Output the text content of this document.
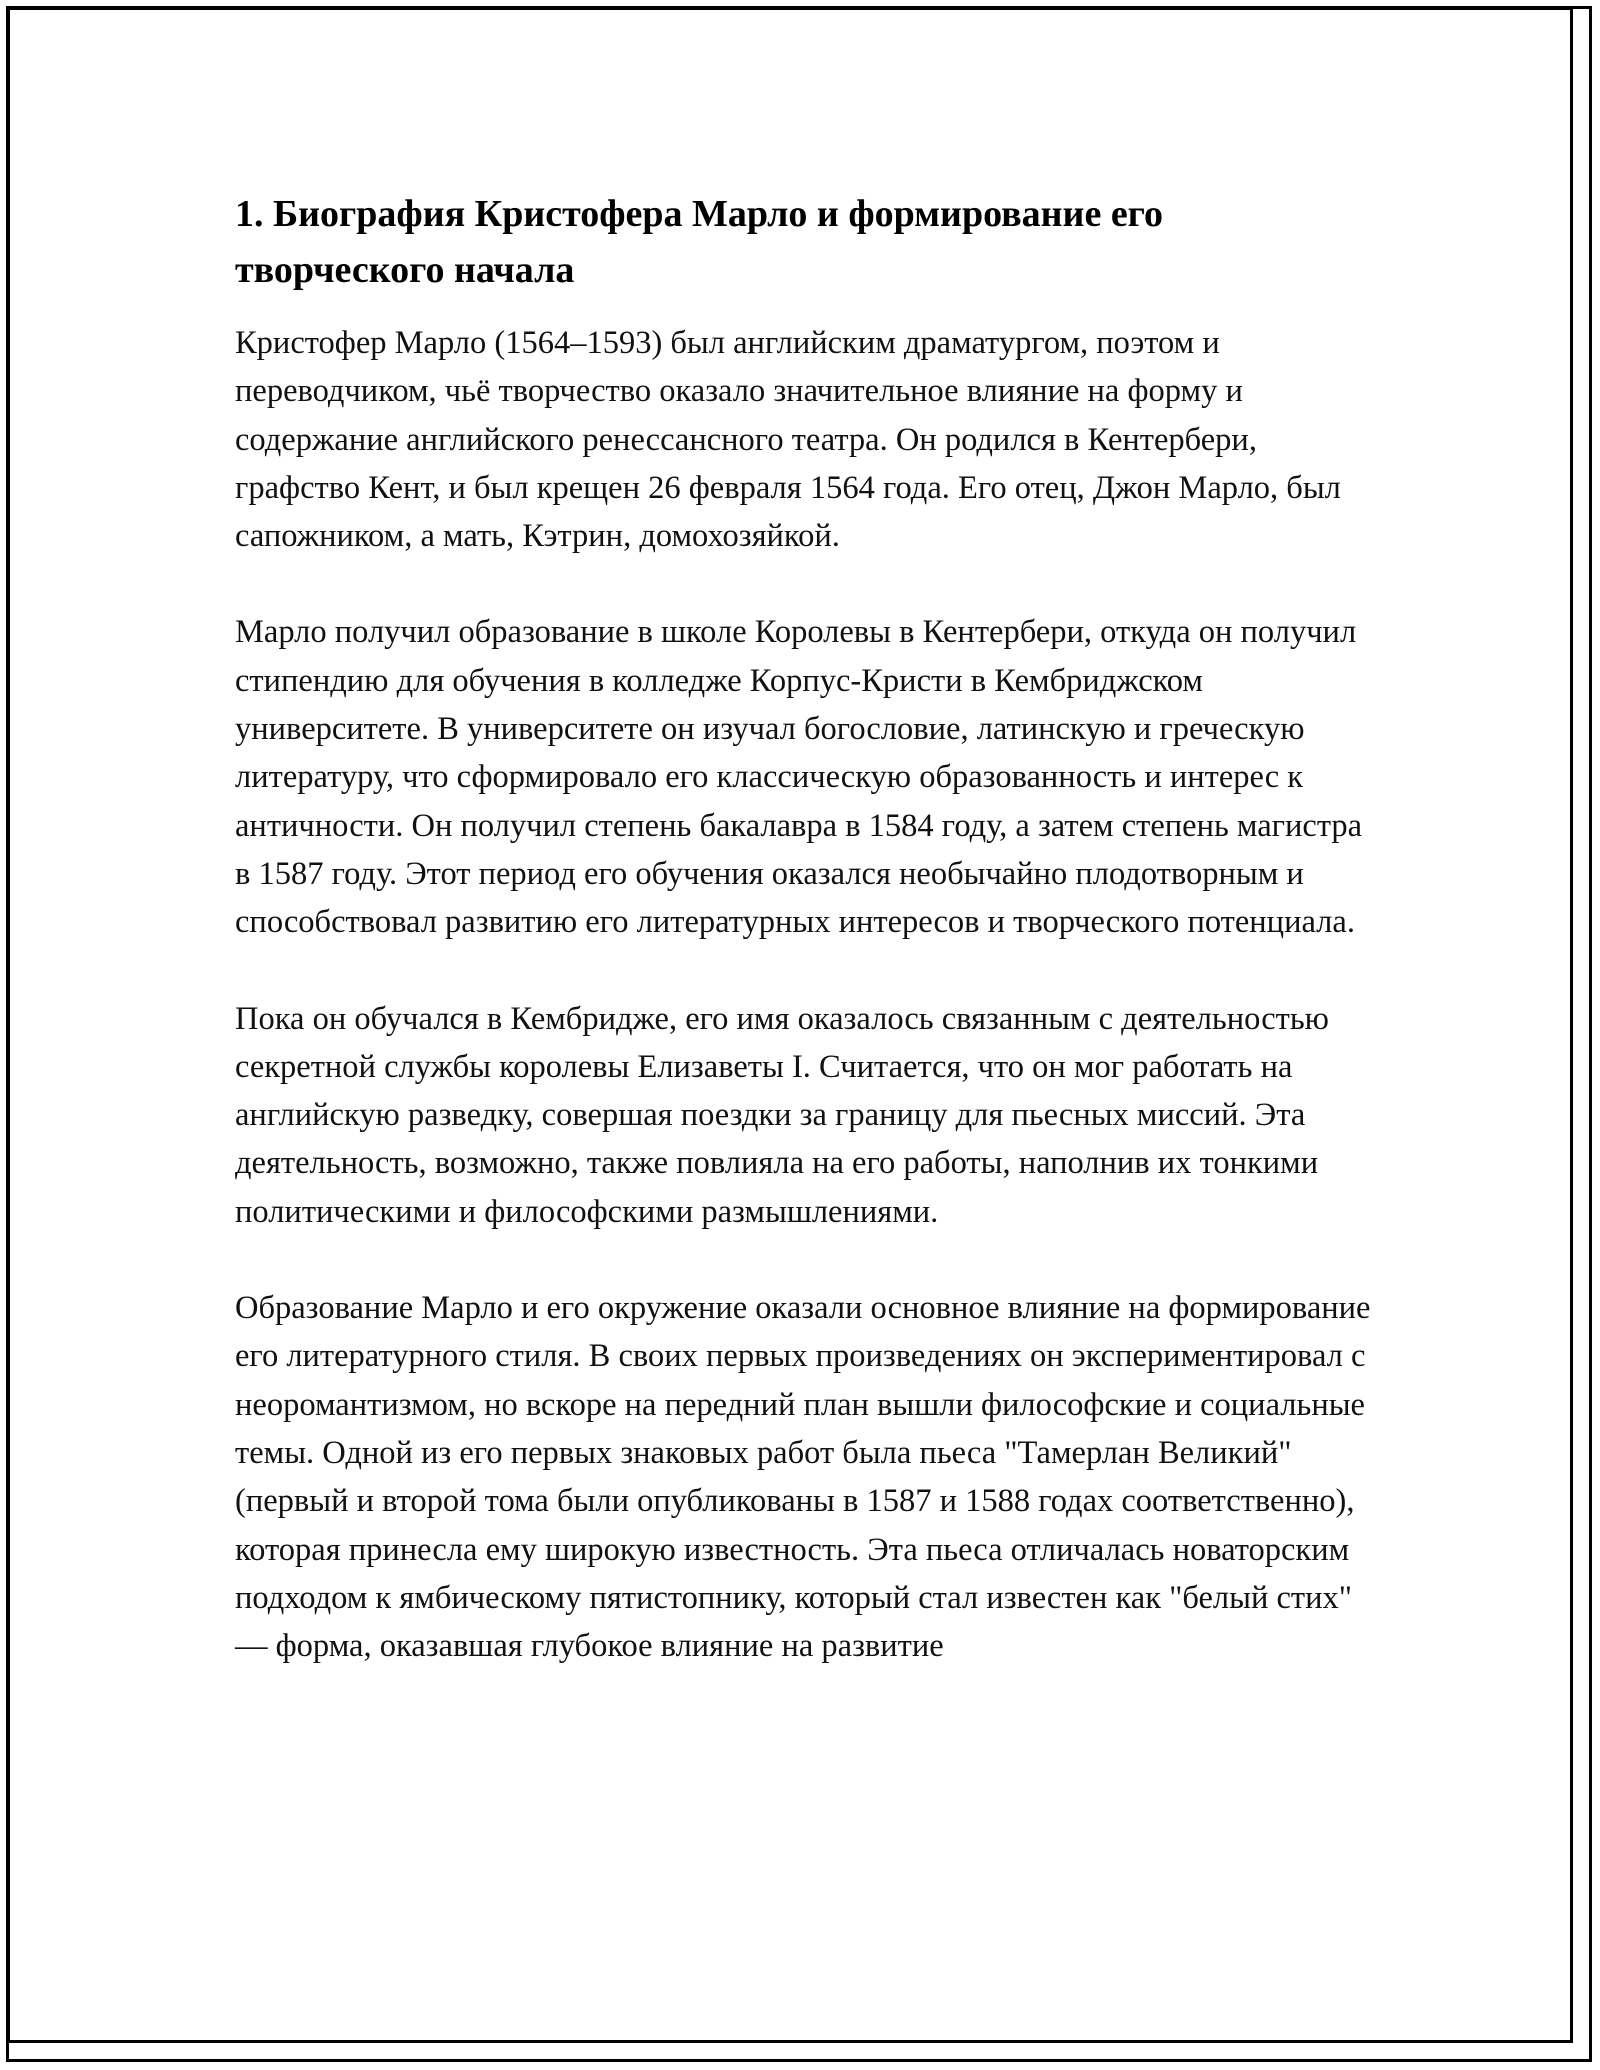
1. Биография Кристофера Марло и формирование его творческого начала

Кристофер Марло (1564–1593) был английским драматургом, поэтом и переводчиком, чьё творчество оказало значительное влияние на форму и содержание английского ренессансного театра. Он родился в Кентербери, графство Кент, и был крещен 26 февраля 1564 года. Его отец, Джон Марло, был сапожником, а мать, Кэтрин, домохозяйкой.

Марло получил образование в школе Королевы в Кентербери, откуда он получил стипендию для обучения в колледже Корпус-Кристи в Кембриджском университете. В университете он изучал богословие, латинскую и греческую литературу, что сформировало его классическую образованность и интерес к античности. Он получил степень бакалавра в 1584 году, а затем степень магистра в 1587 году. Этот период его обучения оказался необычайно плодотворным и способствовал развитию его литературных интересов и творческого потенциала.

Пока он обучался в Кембридже, его имя оказалось связанным с деятельностью секретной службы королевы Елизаветы I. Считается, что он мог работать на английскую разведку, совершая поездки за границу для пьесных миссий. Эта деятельность, возможно, также повлияла на его работы, наполнив их тонкими политическими и философскими размышлениями.

Образование Марло и его окружение оказали основное влияние на формирование его литературного стиля. В своих первых произведениях он экспериментировал с неоромантизмом, но вскоре на передний план вышли философские и социальные темы. Одной из его первых знаковых работ была пьеса "Тамерлан Великий" (первый и второй тома были опубликованы в 1587 и 1588 годах соответственно), которая принесла ему широкую известность. Эта пьеса отличалась новаторским подходом к ямбическому пятистопнику, который стал известен как "белый стих" — форма, оказавшая глубокое влияние на развитие
